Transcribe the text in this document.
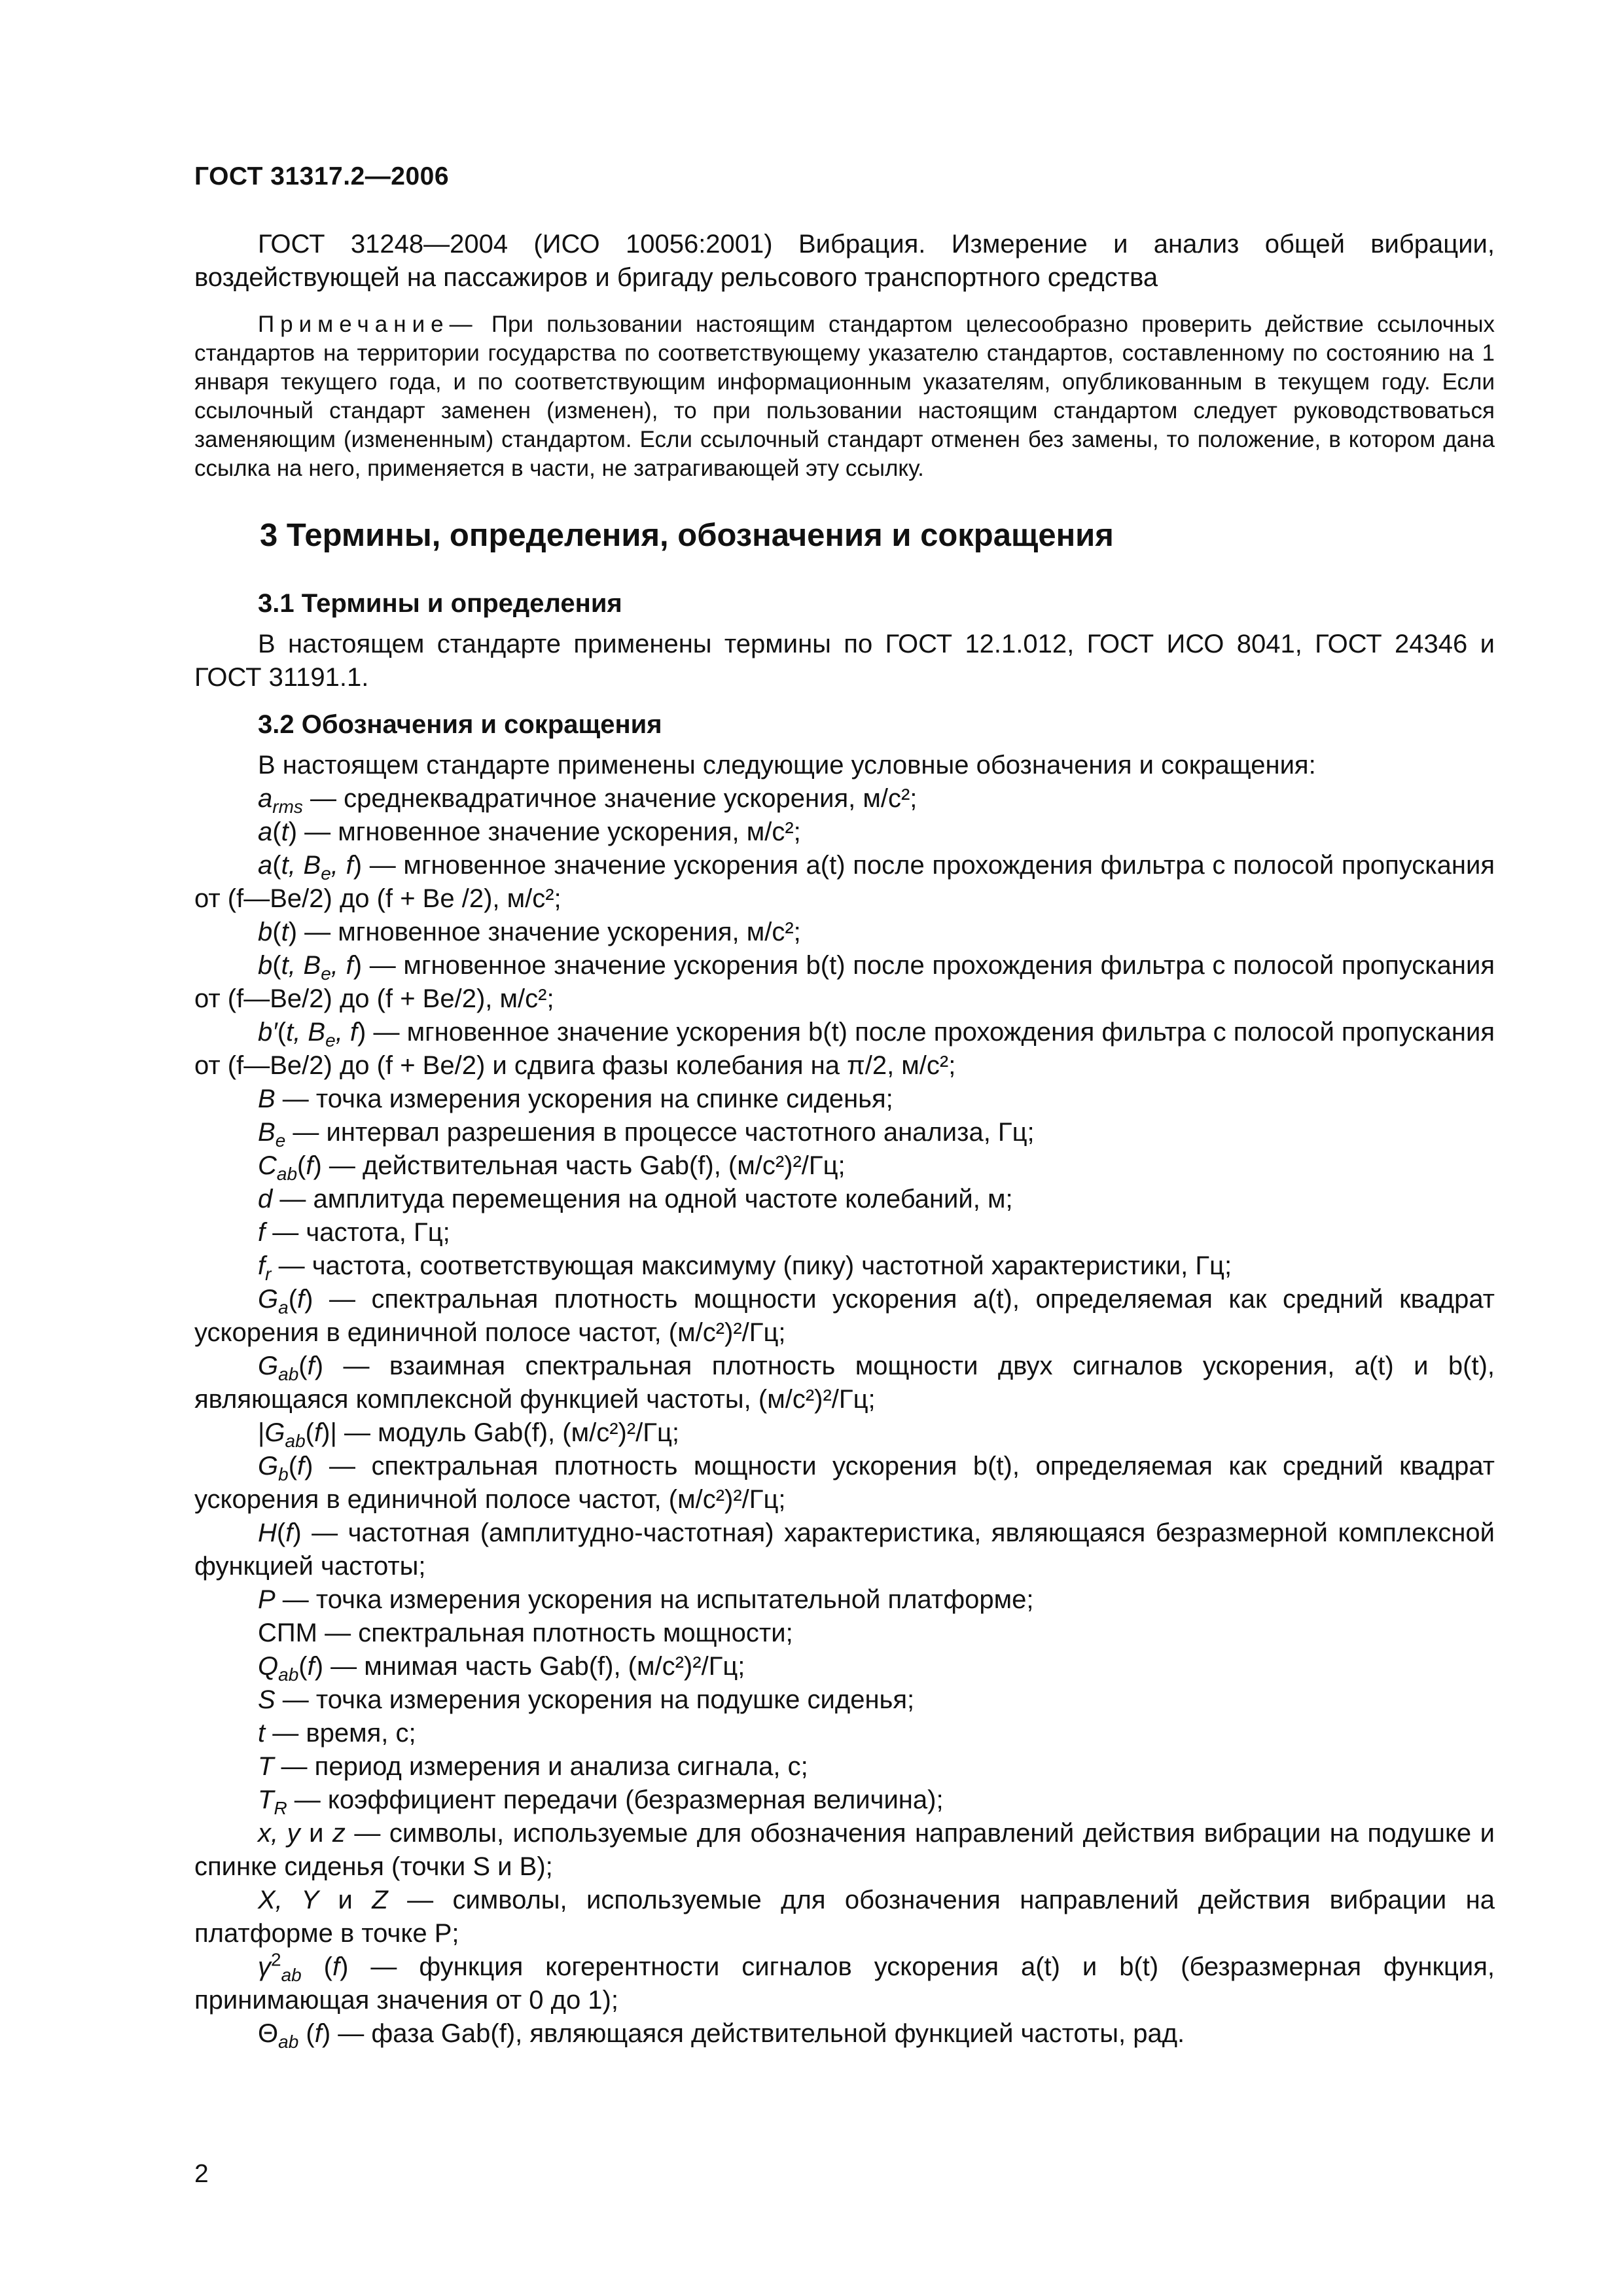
ГОСТ 31317.2—2006

ГОСТ 31248—2004 (ИСО 10056:2001) Вибрация. Измерение и анализ общей вибрации, воздействующей на пассажиров и бригаду рельсового транспортного средства

Примечание— При пользовании настоящим стандартом целесообразно проверить действие ссылочных стандартов на территории государства по соответствующему указателю стандартов, составленному по состоянию на 1 января текущего года, и по соответствующим информационным указателям, опубликованным в текущем году. Если ссылочный стандарт заменен (изменен), то при пользовании настоящим стандартом следует руководствоваться заменяющим (измененным) стандартом. Если ссылочный стандарт отменен без замены, то положение, в котором дана ссылка на него, применяется в части, не затрагивающей эту ссылку.

3 Термины, определения, обозначения и сокращения

3.1 Термины и определения

В настоящем стандарте применены термины по ГОСТ 12.1.012, ГОСТ ИСО 8041, ГОСТ 24346 и ГОСТ 31191.1.

3.2 Обозначения и сокращения

В настоящем стандарте применены следующие условные обозначения и сокращения:

$a_{rms}$ — среднеквадратичное значение ускорения, м/с²;

a(t) — мгновенное значение ускорения, м/с²;

a(t, $B_e$, f) — мгновенное значение ускорения a(t) после прохождения фильтра с полосой пропускания от (f—Be/2) до (f + Be /2), м/с²;

b(t) — мгновенное значение ускорения, м/с²;

b(t, $B_e$, f) — мгновенное значение ускорения b(t) после прохождения фильтра с полосой пропускания от (f—Be/2) до (f + Be/2), м/с²;

b′(t, $B_e$, f) — мгновенное значение ускорения b(t) после прохождения фильтра с полосой пропускания от (f—Be/2) до (f + Be/2) и сдвига фазы колебания на π/2, м/с²;

B — точка измерения ускорения на спинке сиденья;

$B_e$ — интервал разрешения в процессе частотного анализа, Гц;

$C_{ab}(f)$ — действительная часть Gab(f), (м/с²)²/Гц;

d — амплитуда перемещения на одной частоте колебаний, м;

f — частота, Гц;

$f_r$ — частота, соответствующая максимуму (пику) частотной характеристики, Гц;

$G_a(f)$ — спектральная плотность мощности ускорения a(t), определяемая как средний квадрат ускорения в единичной полосе частот, (м/с²)²/Гц;

$G_{ab}(f)$ — взаимная спектральная плотность мощности двух сигналов ускорения, a(t) и b(t), являющаяся комплексной функцией частоты, (м/с²)²/Гц;

$|G_{ab}(f)|$ — модуль Gab(f), (м/с²)²/Гц;

$G_b(f)$ — спектральная плотность мощности ускорения b(t), определяемая как средний квадрат ускорения в единичной полосе частот, (м/с²)²/Гц;

H(f) — частотная (амплитудно-частотная) характеристика, являющаяся безразмерной комплексной функцией частоты;

P — точка измерения ускорения на испытательной платформе;

СПМ — спектральная плотность мощности;

$Q_{ab}(f)$ — мнимая часть Gab(f), (м/с²)²/Гц;

S — точка измерения ускорения на подушке сиденья;

t — время, с;

T — период измерения и анализа сигнала, с;

$T_R$ — коэффициент передачи (безразмерная величина);

x, y и z — символы, используемые для обозначения направлений действия вибрации на подушке и спинке сиденья (точки S и B);

X, Y и Z — символы, используемые для обозначения направлений действия вибрации на платформе в точке P;

$\gamma^2_{ab}$ (f) — функция когерентности сигналов ускорения a(t) и b(t) (безразмерная функция, принимающая значения от 0 до 1);

$\Theta_{ab}$ (f) — фаза Gab(f), являющаяся действительной функцией частоты, рад.

2
